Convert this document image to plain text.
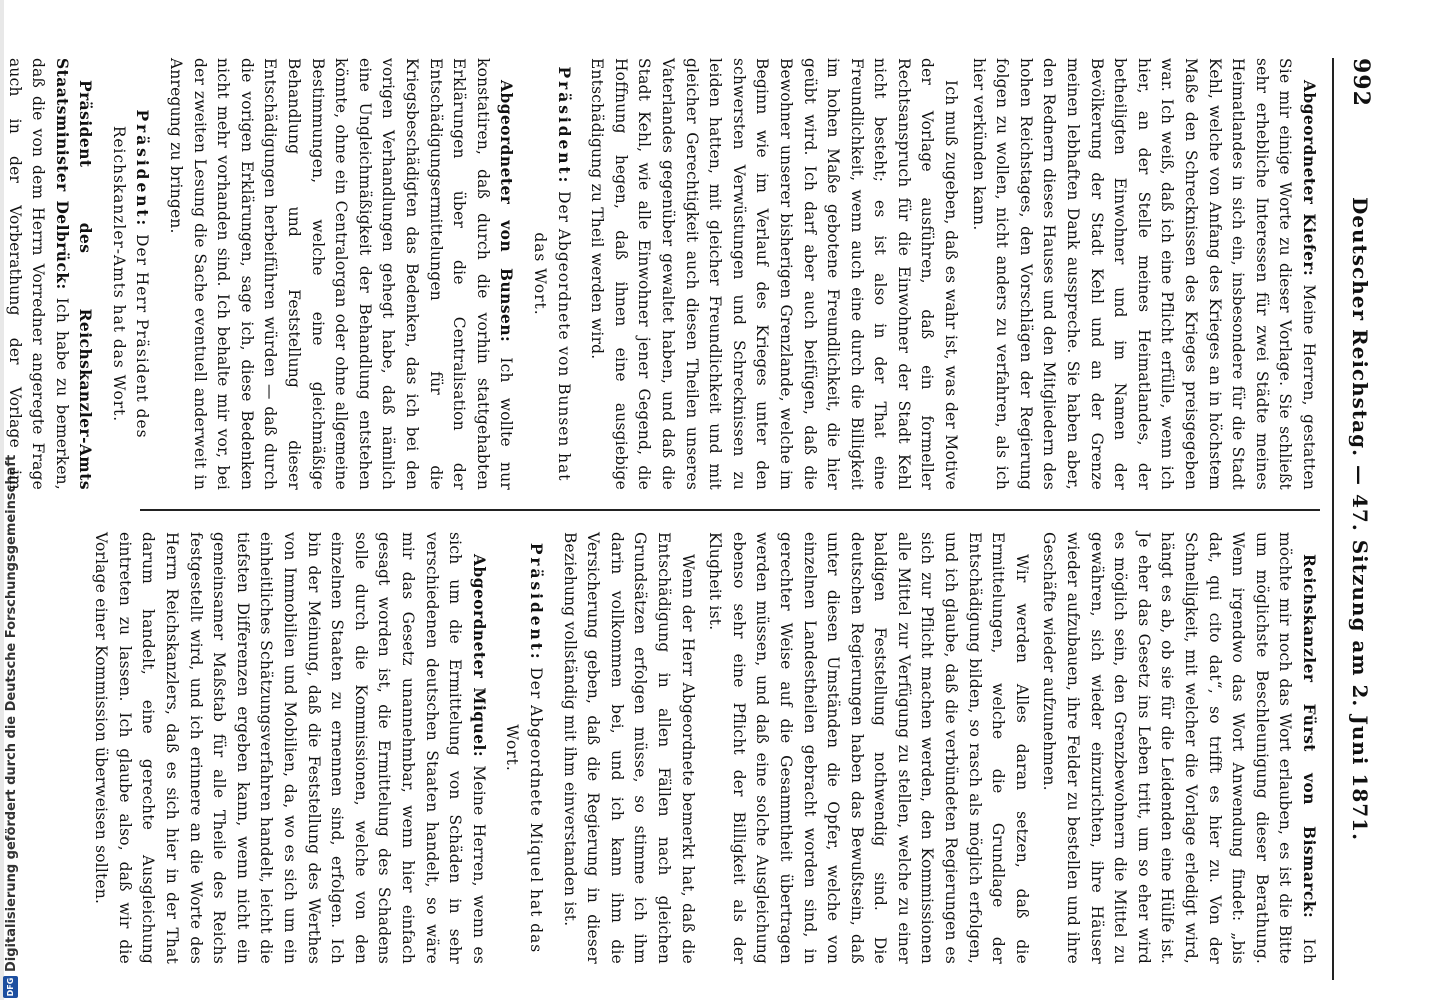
DFG
Digitalisierung gefördert durch die Deutsche Forschungsgemeinschaft
992
Deutscher Reichstag. — 47. Sitzung am 2. Juni 1871.

Abgeordneter Kiefer: Meine Herren, gestatten Sie mir einige Worte zu dieser Vorlage. Sie schließt sehr erhebliche Interessen für zwei Städte meines Heimatlandes in sich ein, insbesondere für die Stadt Kehl, welche von Anfang des Krieges an in höchstem Maße den Schrecknissen des Krieges preisgegeben war. Ich weiß, daß ich eine Pflicht erfülle, wenn ich hier, an der Stelle meines Heimatlandes, der betheiligten Einwohner und im Namen der Bevölkerung der Stadt Kehl und an der Grenze meinen lebhaften Dank ausspreche. Sie haben aber, den Rednern dieses Hauses und den Mitgliedern des hohen Reichstages, den Vorschlägen der Regierung folgen zu wollen, nicht anders zu verfahren, als ich hier verkünden kann.

Ich muß zugeben, daß es wahr ist, was der Motive der Vorlage ausführen, daß ein formeller Rechtsanspruch für die Einwohner der Stadt Kehl nicht besteht; es ist also in der That eine Freundlichkeit, wenn auch eine durch die Billigkeit im hohen Maße gebotene Freundlichkeit, die hier geübt wird. Ich darf aber auch beifügen, daß die Bewohner unserer bisherigen Grenzlande, welche im Beginn wie im Verlauf des Krieges unter den schwersten Verwüstungen und Schrecknissen zu leiden hatten, mit gleicher Freundlichkeit und mit gleicher Gerechtigkeit auch diesen Theilen unseres Vaterlandes gegenüber gewaltet haben, und daß die Stadt Kehl, wie alle Einwohner jener Gegend, die Hoffnung hegen, daß ihnen eine ausgiebige Entschädigung zu Theil werden wird.

Präsident: Der Abgeordnete von Bunsen hat das Wort.

Abgeordneter von Bunsen: Ich wollte nur konstatiren, daß durch die vorhin stattgehabten Erklärungen über die Centralisation der Entschädigungsermittelungen für die Kriegsbeschädigten das Bedenken, das ich bei den vorigen Verhandlungen gehegt habe, daß nämlich eine Ungleichmäßigkeit der Behandlung entstehen könnte, ohne ein Centralorgan oder ohne allgemeine Bestimmungen, welche eine gleichmäßige Behandlung und Feststellung dieser Entschädigungen herbeiführen würden — daß durch die vorigen Erklärungen, sage ich, diese Bedenken nicht mehr vorhanden sind. Ich behalte mir vor, bei der zweiten Lesung die Sache eventuell anderweit in Anregung zu bringen.

Präsident: Der Herr Präsident des Reichskanzler-Amts hat das Wort.

Präsident des Reichskanzler-Amts Staatsminister Delbrück: Ich habe zu bemerken, daß die von dem Herrn Vorredner angeregte Frage auch in der Vorberathung der Vorlage im

Reichskanzler Fürst von Bismarck: Ich möchte mir noch das Wort erlauben, es ist die Bitte um möglichste Beschleunigung dieser Berathung. Wenn irgendwo das Wort Anwendung findet: „bis dat, qui cito dat“, so trifft es hier zu. Von der Schnelligkeit, mit welcher die Vorlage erledigt wird, hängt es ab, ob sie für die Leidenden eine Hülfe ist. Je eher das Gesetz ins Leben tritt, um so eher wird es möglich sein, den Grenzbewohnern die Mittel zu gewähren, sich wieder einzurichten, ihre Häuser wieder aufzubauen, ihre Felder zu bestellen und ihre Geschäfte wieder aufzunehmen.

Wir werden Alles daran setzen, daß die Ermittelungen, welche die Grundlage der Entschädigung bilden, so rasch als möglich erfolgen, und ich glaube, daß die verbündeten Regierungen es sich zur Pflicht machen werden, den Kommissionen alle Mittel zur Verfügung zu stellen, welche zu einer baldigen Feststellung nothwendig sind. Die deutschen Regierungen haben das Bewußtsein, daß unter diesen Umständen die Opfer, welche von einzelnen Landestheilen gebracht worden sind, in gerechter Weise auf die Gesammtheit übertragen werden müssen, und daß eine solche Ausgleichung ebenso sehr eine Pflicht der Billigkeit als der Klugheit ist.

Wenn der Herr Abgeordnete bemerkt hat, daß die Entschädigung in allen Fällen nach gleichen Grundsätzen erfolgen müsse, so stimme ich ihm darin vollkommen bei, und ich kann ihm die Versicherung geben, daß die Regierung in dieser Beziehung vollständig mit ihm einverstanden ist.

Präsident: Der Abgeordnete Miquel hat das Wort.

Abgeordneter Miquel: Meine Herren, wenn es sich um die Ermittelung von Schäden in sehr verschiedenen deutschen Staaten handelt, so wäre mir das Gesetz unannehmbar, wenn hier einfach gesagt worden ist, die Ermittelung des Schadens solle durch die Kommissionen, welche von den einzelnen Staaten zu ernennen sind, erfolgen. Ich bin der Meinung, daß die Feststellung des Werthes von Immobilien und Mobilien, da, wo es sich um ein einheitliches Schätzungsverfahren handelt, leicht die tiefsten Differenzen ergeben kann, wenn nicht ein gemeinsamer Maßstab für alle Theile des Reichs festgestellt wird, und ich erinnere an die Worte des Herrn Reichskanzlers, daß es sich hier in der That darum handelt, eine gerechte Ausgleichung eintreten zu lassen. Ich glaube also, daß wir die Vorlage einer Kommission überweisen sollten.
